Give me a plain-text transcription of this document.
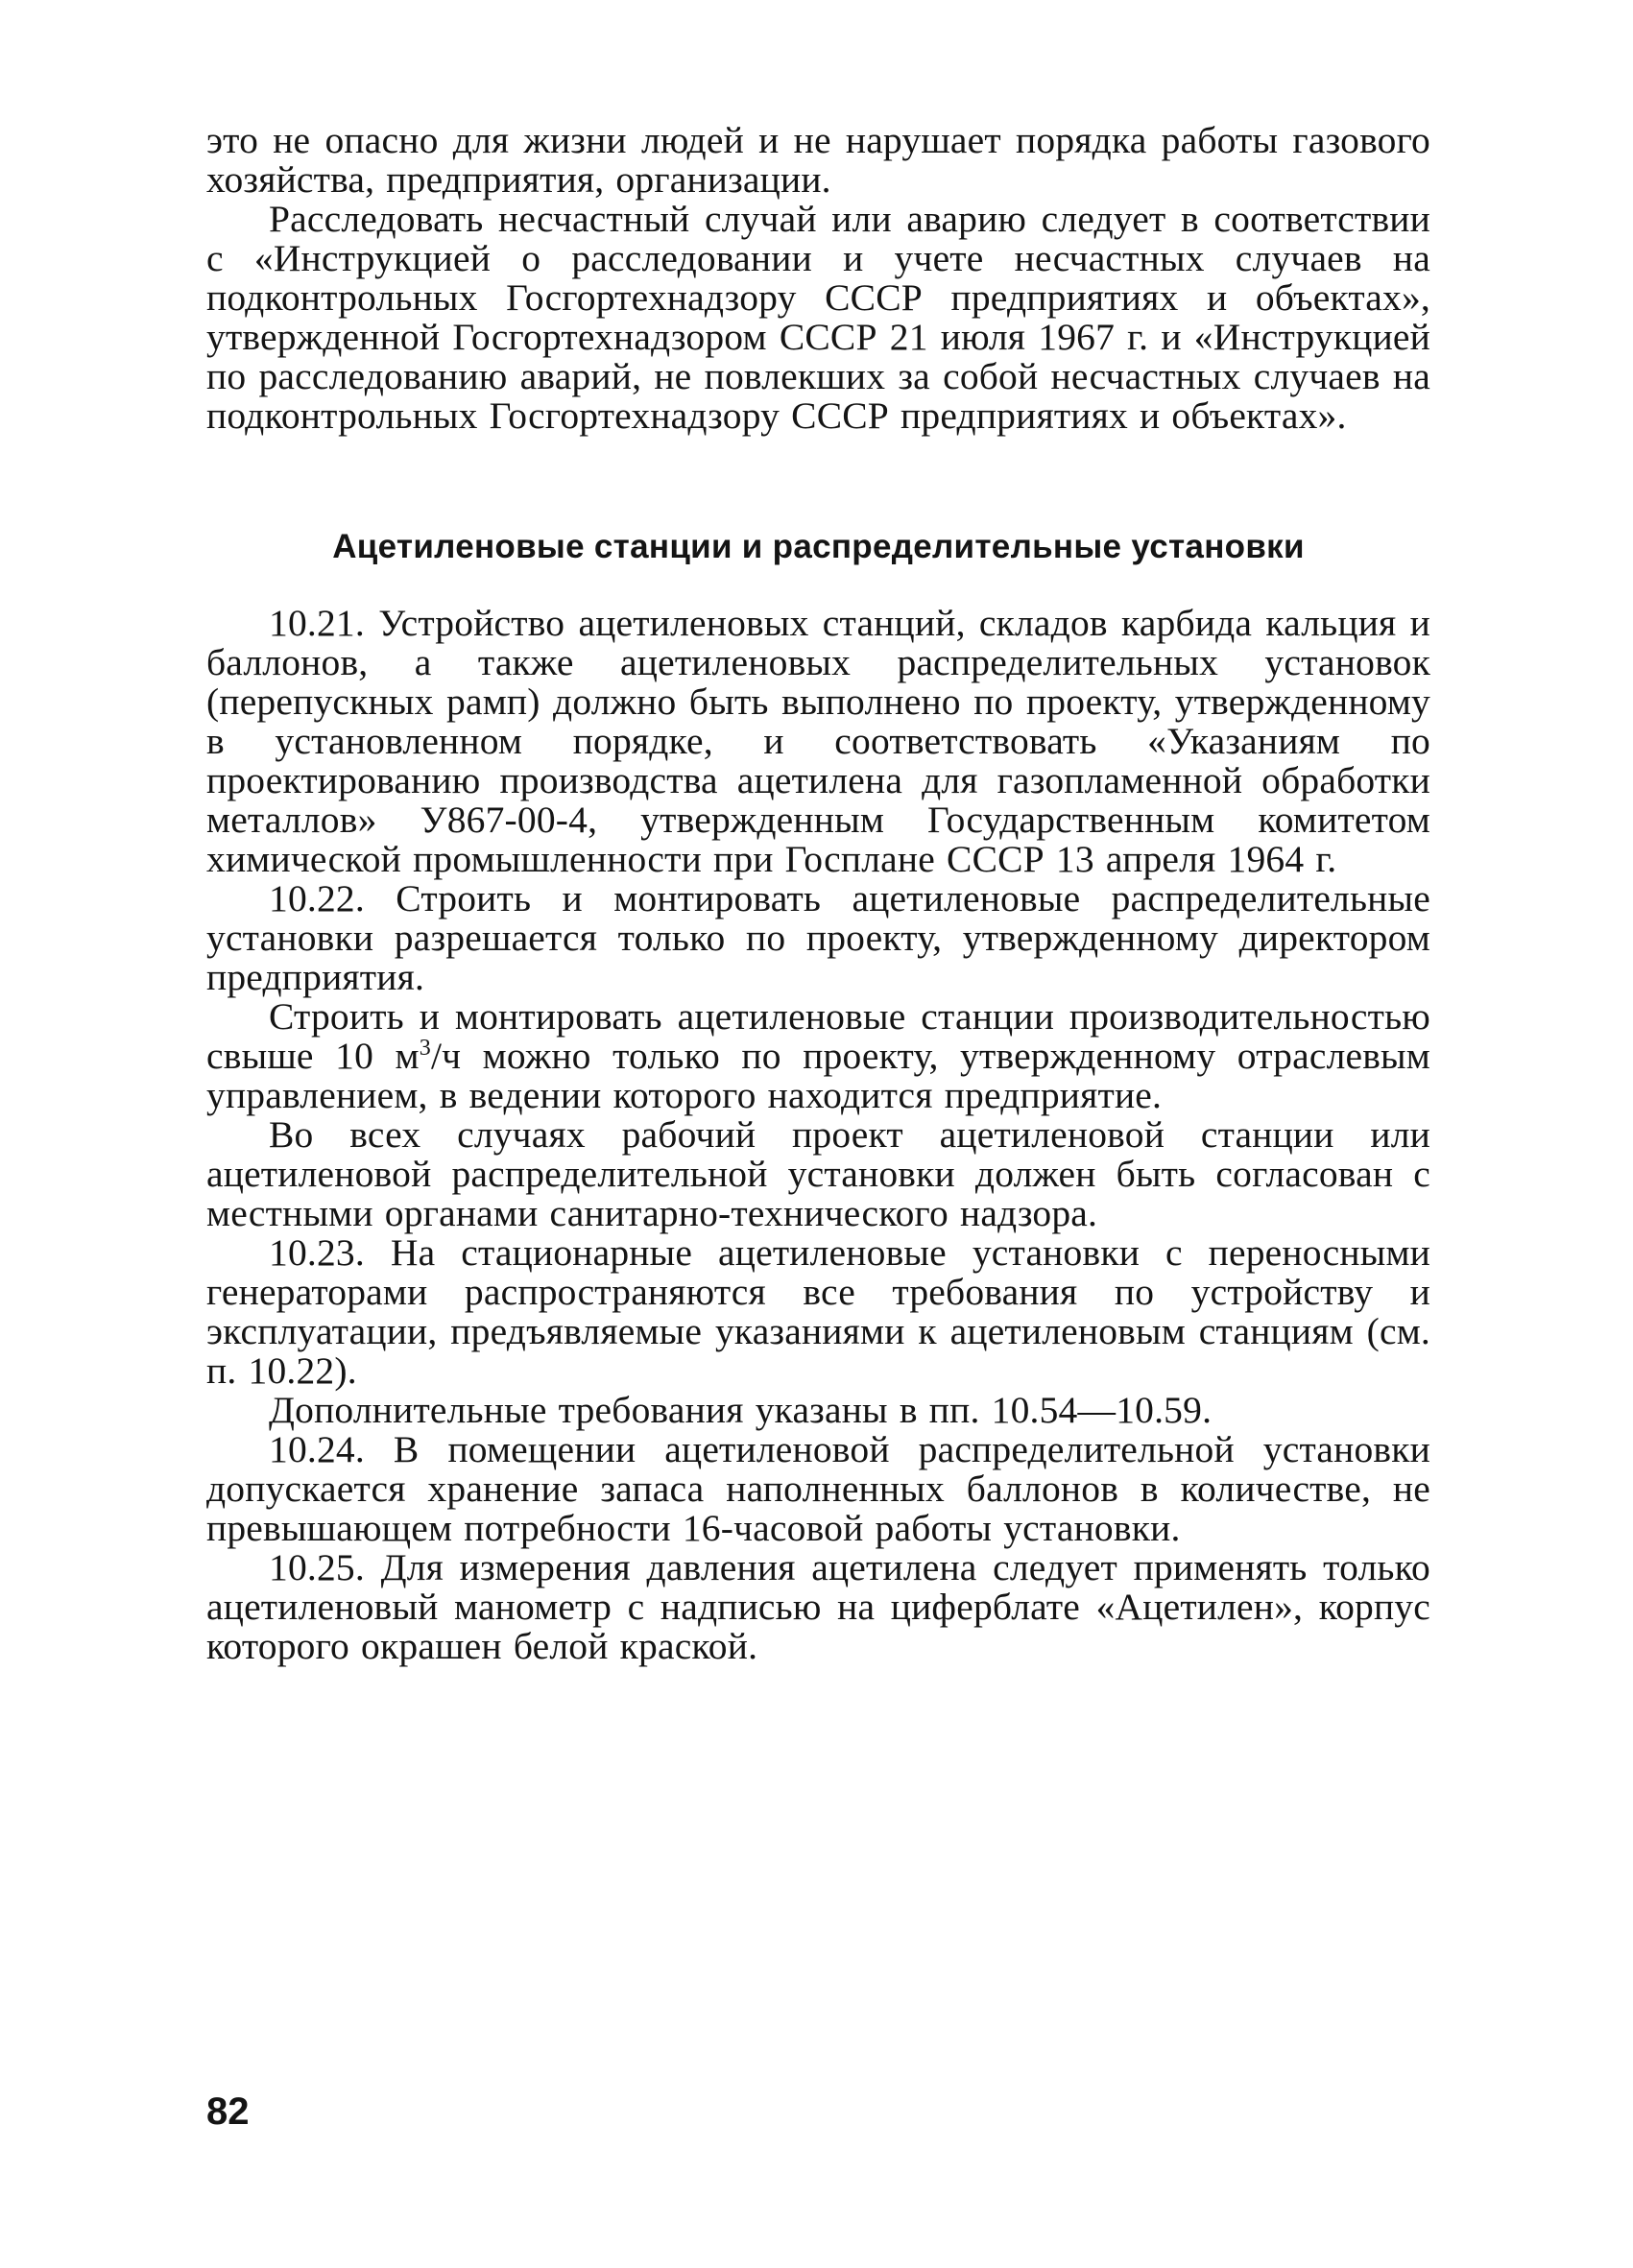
это не опасно для жизни людей и не нарушает порядка работы газового хозяйства, предприятия, организации.

Расследовать несчастный случай или аварию следует в соответствии с «Инструкцией о расследовании и учете несчастных случаев на подконтрольных Госгортехнадзору СССР предприятиях и объектах», утвержденной Госгортехнадзором СССР 21 июля 1967 г. и «Инструкцией по расследованию аварий, не повлекших за собой несчастных случаев на подконтрольных Госгортехнадзору СССР предприятиях и объектах».

Ацетиленовые станции и распределительные установки

10.21. Устройство ацетиленовых станций, складов карбида кальция и баллонов, а также ацетиленовых распределительных установок (перепускных рамп) должно быть выполнено по проекту, утвержденному в установленном порядке, и соответствовать «Указаниям по проектированию производства ацетилена для газопламенной обработки металлов» У867-00-4, утвержденным Государственным комитетом химической промышленности при Госплане СССР 13 апреля 1964 г.

10.22. Строить и монтировать ацетиленовые распределительные установки разрешается только по проекту, утвержденному директором предприятия.

Строить и монтировать ацетиленовые станции производительностью свыше 10 $м^3/ч$ можно только по проекту, утвержденному отраслевым управлением, в ведении которого находится предприятие.

Во всех случаях рабочий проект ацетиленовой станции или ацетиленовой распределительной установки должен быть согласован с местными органами санитарно-технического надзора.

10.23. На стационарные ацетиленовые установки с переносными генераторами распространяются все требования по устройству и эксплуатации, предъявляемые указаниями к ацетиленовым станциям (см. п. 10.22).

Дополнительные требования указаны в пп. 10.54—10.59.

10.24. В помещении ацетиленовой распределительной установки допускается хранение запаса наполненных баллонов в количестве, не превышающем потребности 16-часовой работы установки.

10.25. Для измерения давления ацетилена следует применять только ацетиленовый манометр с надписью на циферблате «Ацетилен», корпус которого окрашен белой краской.

82
